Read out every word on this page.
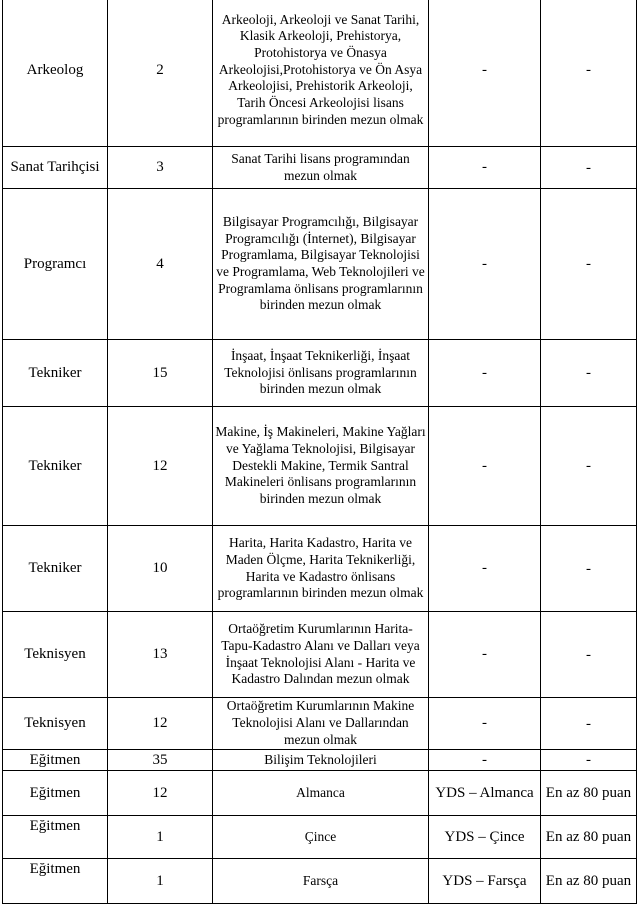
Arkeolog	2	Arkeoloji, Arkeoloji ve Sanat Tarihi, Klasik Arkeoloji, Prehistorya, Protohistorya ve Önasya Arkeolojisi,Protohistorya ve Ön Asya Arkeolojisi, Prehistorik Arkeoloji, Tarih Öncesi Arkeolojisi lisans programlarının birinden mezun olmak	-	-
Sanat Tarihçisi	3	Sanat Tarihi lisans programından mezun olmak	-	-
Programcı	4	Bilgisayar Programcılığı, Bilgisayar Programcılığı (İnternet), Bilgisayar Programlama, Bilgisayar Teknolojisi ve Programlama, Web Teknolojileri ve Programlama önlisans programlarının birinden mezun olmak	-	-
Tekniker	15	İnşaat, İnşaat Teknikerliği, İnşaat Teknolojisi önlisans programlarının birinden mezun olmak	-	-
Tekniker	12	Makine, İş Makineleri, Makine Yağları ve Yağlama Teknolojisi, Bilgisayar Destekli Makine, Termik Santral Makineleri önlisans programlarının birinden mezun olmak	-	-
Tekniker	10	Harita, Harita Kadastro, Harita ve Maden Ölçme, Harita Teknikerliği, Harita ve Kadastro önlisans programlarının birinden mezun olmak	-	-
Teknisyen	13	Ortaöğretim Kurumlarının Harita-Tapu-Kadastro Alanı ve Dalları veya İnşaat Teknolojisi Alanı - Harita ve Kadastro Dalından mezun olmak	-	-
Teknisyen	12	Ortaöğretim Kurumlarının Makine Teknolojisi Alanı ve Dallarından mezun olmak	-	-
Eğitmen	35	Bilişim Teknolojileri	-	-
Eğitmen	12	Almanca	YDS – Almanca	En az 80 puan
Eğitmen	1	Çince	YDS – Çince	En az 80 puan
Eğitmen	1	Farsça	YDS – Farsça	En az 80 puan
